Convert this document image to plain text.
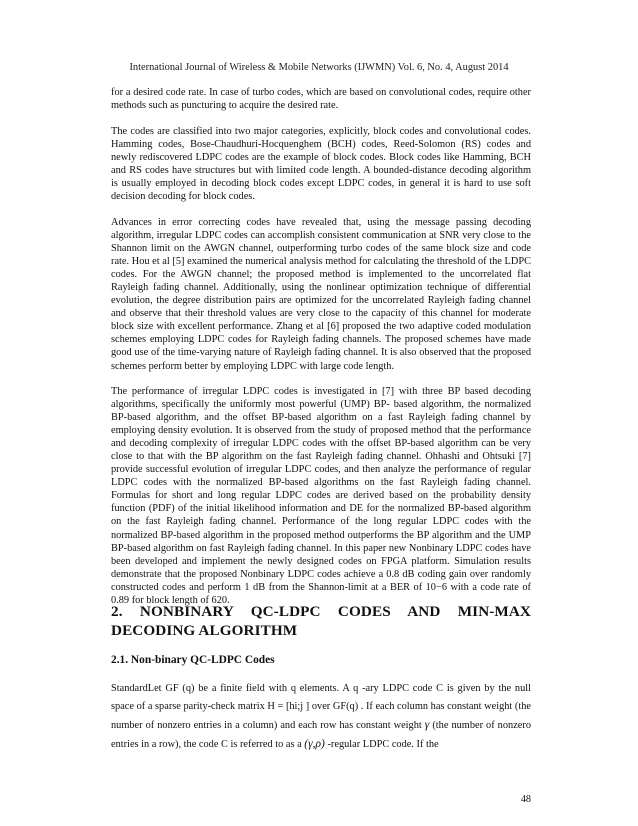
International Journal of Wireless & Mobile Networks (IJWMN) Vol. 6, No. 4, August 2014

for a desired code rate. In case of turbo codes, which are based on convolutional codes, require other methods such as puncturing to acquire the desired rate.

The codes are classified into two major categories, explicitly, block codes and convolutional codes. Hamming codes, Bose-Chaudhuri-Hocquenghem (BCH) codes, Reed-Solomon (RS) codes and newly rediscovered LDPC codes are the example of block codes. Block codes like Hamming, BCH and RS codes have structures but with limited code length. A bounded-distance decoding algorithm is usually employed in decoding block codes except LDPC codes, in general it is hard to use soft decision decoding for block codes.

Advances in error correcting codes have revealed that, using the message passing decoding algorithm, irregular LDPC codes can accomplish consistent communication at SNR very close to the Shannon limit on the AWGN channel, outperforming turbo codes of the same block size and code rate. Hou et al [5] examined the numerical analysis method for calculating the threshold of the LDPC codes. For the AWGN channel; the proposed method is implemented to the uncorrelated flat Rayleigh fading channel. Additionally, using the nonlinear optimization technique of differential evolution, the degree distribution pairs are optimized for the uncorrelated Rayleigh fading channel and observe that their threshold values are very close to the capacity of this channel for moderate block size with excellent performance. Zhang et al [6] proposed the two adaptive coded modulation schemes employing LDPC codes for Rayleigh fading channels. The proposed schemes have made good use of the time-varying nature of Rayleigh fading channel. It is also observed that the proposed schemes perform better by employing LDPC with large code length.

The performance of irregular LDPC codes is investigated in [7] with three BP based decoding algorithms, specifically the uniformly most powerful (UMP) BP- based algorithm, the normalized BP-based algorithm, and the offset BP-based algorithm on a fast Rayleigh fading channel by employing density evolution. It is observed from the study of proposed method that the performance and decoding complexity of irregular LDPC codes with the offset BP-based algorithm can be very close to that with the BP algorithm on the fast Rayleigh fading channel. Ohhashi and Ohtsuki [7] provide successful evolution of irregular LDPC codes, and then analyze the performance of regular LDPC codes with the normalized BP-based algorithms on the fast Rayleigh fading channel. Formulas for short and long regular LDPC codes are derived based on the probability density function (PDF) of the initial likelihood information and DE for the normalized BP-based algorithm on the fast Rayleigh fading channel. Performance of the long regular LDPC codes with the normalized BP-based algorithm in the proposed method outperforms the BP algorithm and the UMP BP-based algorithm on fast Rayleigh fading channel. In this paper new Nonbinary LDPC codes have been developed and implement the newly designed codes on FPGA platform. Simulation results demonstrate that the proposed Nonbinary LDPC codes achieve a 0.8 dB coding gain over randomly constructed codes and perform 1 dB from the Shannon-limit at a BER of 10−6 with a code rate of 0.89 for block length of 620.

2. NONBINARY QC-LDPC CODES AND MIN-MAX DECODING ALGORITHM
2.1. Non-binary QC-LDPC Codes

StandardLet GF (q) be a finite field with q elements. A q -ary LDPC code C is given by the null space of a sparse parity-check matrix H = [hi;j ] over GF(q) . If each column has constant weight (the number of nonzero entries in a column) and each row has constant weight γ (the number of nonzero entries in a row), the code C is referred to as a (γ,ρ) -regular LDPC code. If the

48
